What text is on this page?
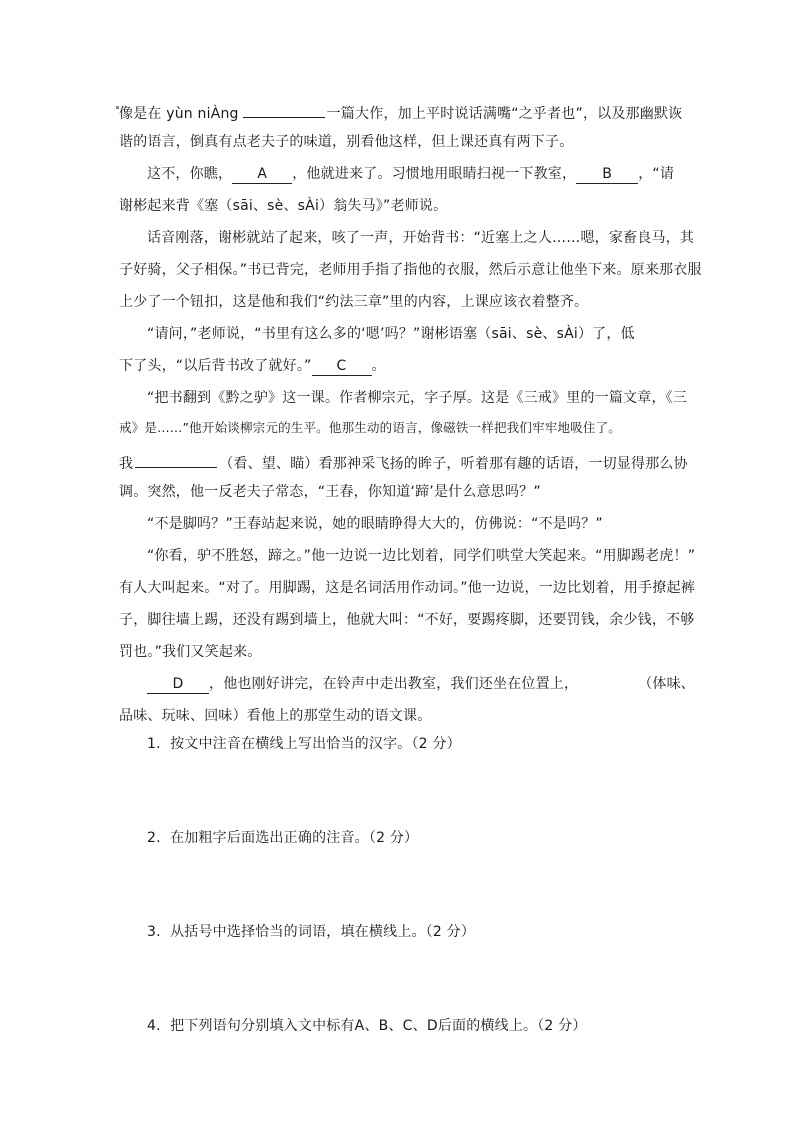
像是在 yùn niÀng	一篇大作，加上平时说话满嘴“之乎者也”，以及那幽默诙
谐的语言，倒真有点老夫子的味道，别看他这样，但上课还真有两下子。
这不，你瞧， A ，他就进来了。习惯地用眼睛扫视一下教室， B ，“请
谢彬起来背《塞（sāi、sè、sÀi）翁失马》”老师说。
话音刚落，谢彬就站了起来，咳了一声，开始背书：“近塞上之人……嗯，家畜良马，其
子好骑，父子相保。”书已背完，老师用手指了指他的衣服，然后示意让他坐下来。原来那衣服
上少了一个钮扣，这是他和我们“约法三章”里的内容，上课应该衣着整齐。
“请问，”老师说，“书里有这么多的‘嗯’吗？”谢彬语塞（sāi、sè、sÀi）了，低
下了头，“以后背书改了就好。” C 。
“把书翻到《黔之驴》这一课。作者柳宗元，字子厚。这是《三戒》里的一篇文章，《三
戒》是……”他开始谈柳宗元的生平。他那生动的语言，像磁铁一样把我们牢牢地吸住了。
我	（看、望、瞄）看那神采飞扬的眸子，听着那有趣的话语，一切显得那么协
调。突然，他一反老夫子常态，“王春，你知道‘蹄’是什么意思吗？”
“不是脚吗？”王春站起来说，她的眼睛睁得大大的，仿佛说：“不是吗？”
“你看，驴不胜怒，蹄之。”他一边说一边比划着，同学们哄堂大笑起来。“用脚踢老虎！”
有人大叫起来。“对了。用脚踢，这是名词活用作动词。”他一边说，一边比划着，用手撩起裤
子，脚往墙上踢，还没有踢到墙上，他就大叫：“不好，要踢疼脚，还要罚钱，余少钱，不够
罚也。”我们又笑起来。
D ，他也刚好讲完，在铃声中走出教室，我们还坐在位置上，	（体味、
品味、玩味、回味）看他上的那堂生动的语文课。
1. 按文中注音在横线上写出恰当的汉字。（2 分）
2. 在加粗字后面选出正确的注音。（2 分）
3. 从括号中选择恰当的词语，填在横线上。（2 分）
4. 把下列语句分别填入文中标有A、B、C、D后面的横线上。（2 分）
